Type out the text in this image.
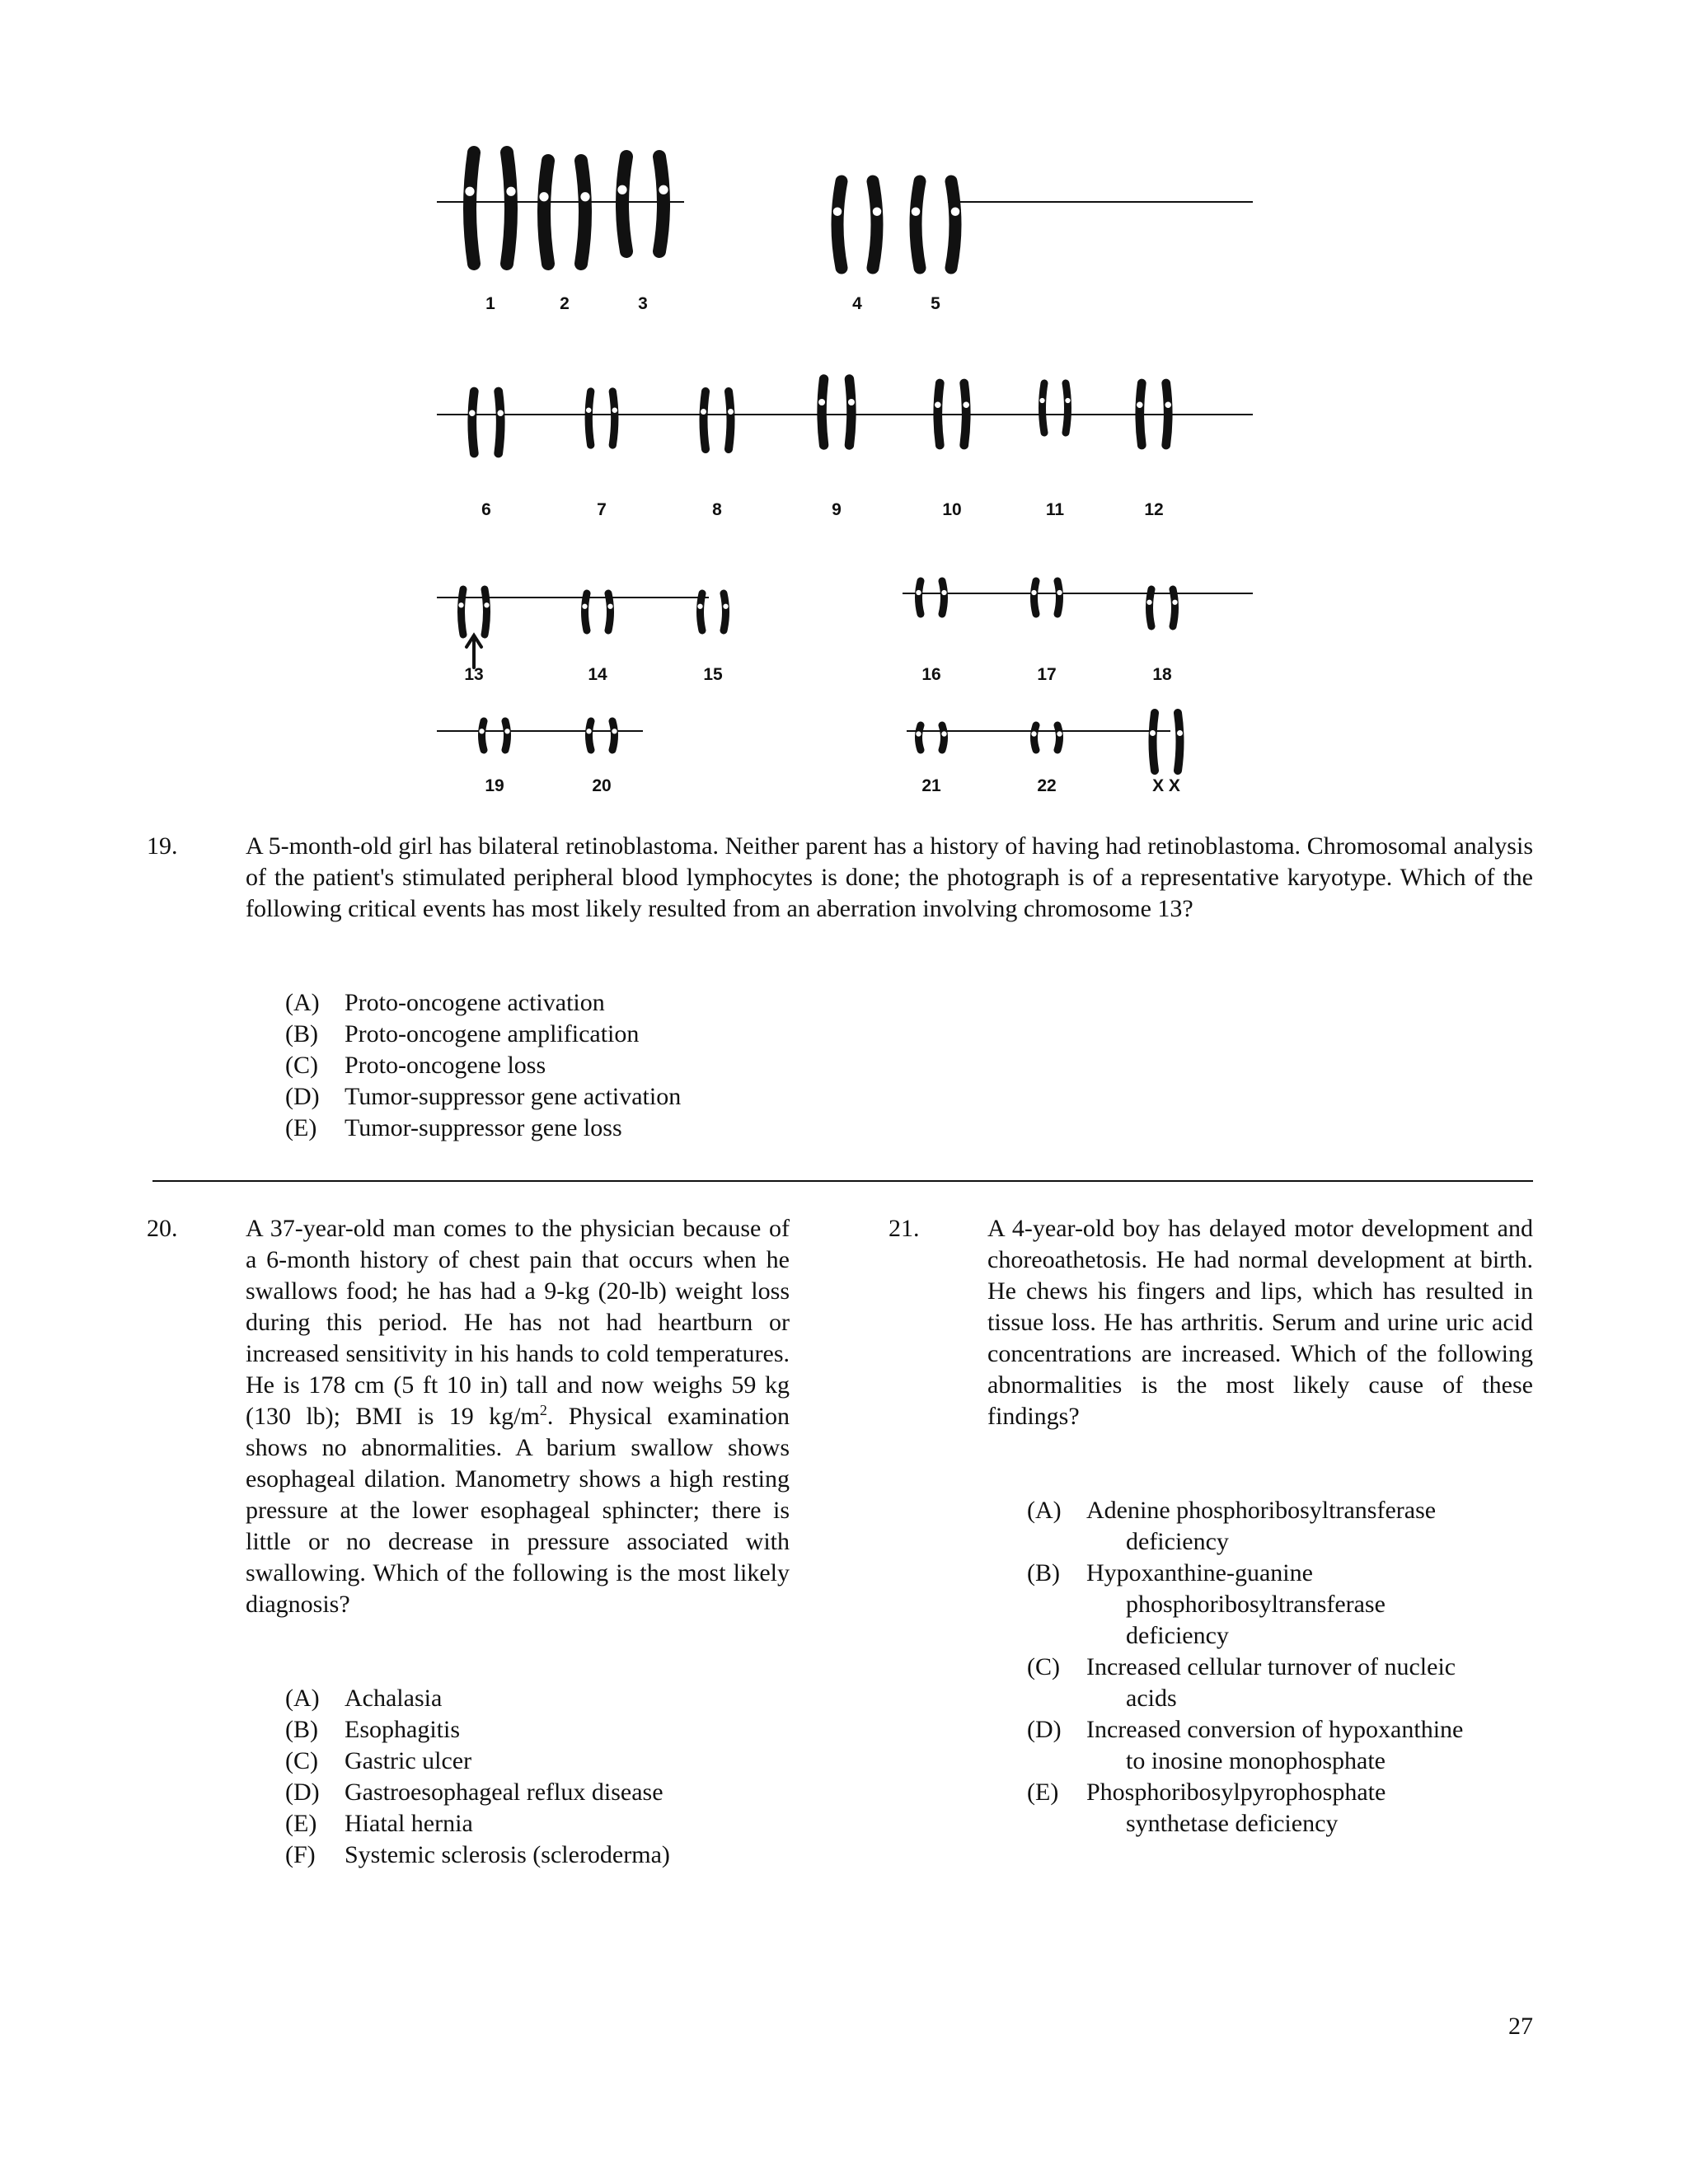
1	2	3	4	5
6	7	8	9	10	11	12
13	14	15	16	17	18
19	20	21	22	X X
19.	A 5-month-old girl has bilateral retinoblastoma. Neither parent has a history of having had retinoblastoma. Chromosomal analysis of the patient's stimulated peripheral blood lymphocytes is done; the photograph is of a representative karyotype. Which of the following critical events has most likely resulted from an aberration involving chromosome 13?
(A)	Proto-oncogene activation
(B)	Proto-oncogene amplification
(C)	Proto-oncogene loss
(D)	Tumor-suppressor gene activation
(E)	Tumor-suppressor gene loss
20.	A 37-year-old man comes to the physician because of a 6-month history of chest pain that occurs when he swallows food; he has had a 9-kg (20-lb) weight loss during this period. He has not had heartburn or increased sensitivity in his hands to cold temperatures. He is 178 cm (5 ft 10 in) tall and now weighs 59 kg (130 lb); BMI is 19 $kg/m^2$. Physical examination shows no abnormalities. A barium swallow shows esophageal dilation. Manometry shows a high resting pressure at the lower esophageal sphincter; there is little or no decrease in pressure associated with swallowing. Which of the following is the most likely diagnosis?
(A)	Achalasia
(B)	Esophagitis
(C)	Gastric ulcer
(D)	Gastroesophageal reflux disease
(E)	Hiatal hernia
(F)	Systemic sclerosis (scleroderma)
21.	A 4-year-old boy has delayed motor development and choreoathetosis. He had normal development at birth. He chews his fingers and lips, which has resulted in tissue loss. He has arthritis. Serum and urine uric acid concentrations are increased. Which of the following abnormalities is the most likely cause of these findings?
(A)	Adenine phosphoribosyltransferase deficiency
(B)	Hypoxanthine-guanine phosphoribosyltransferase deficiency
(C)	Increased cellular turnover of nucleic acids
(D)	Increased conversion of hypoxanthine to inosine monophosphate
(E)	Phosphoribosylpyrophosphate synthetase deficiency
27
